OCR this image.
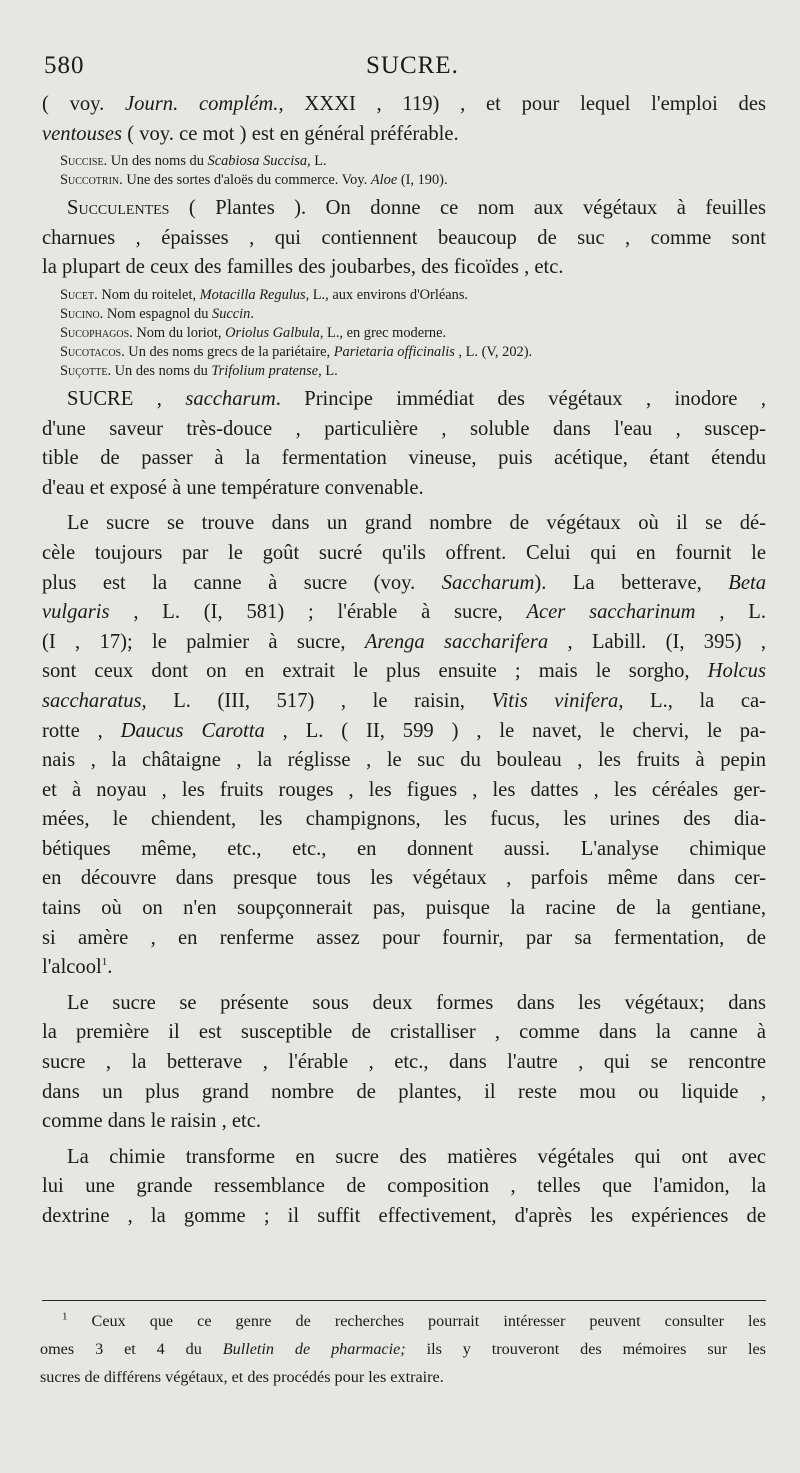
580	SUCRE.

( voy. Journ. complém., XXXI , 119) , et pour lequel l'emploi des

ventouses ( voy. ce mot ) est en général préférable.

Succise. Un des noms du Scabiosa Succisa, L.

Succotrin. Une des sortes d'aloës du commerce. Voy. Aloe (I, 190).

Succulentes ( Plantes ). On donne ce nom aux végétaux à feuilles

charnues , épaisses , qui contiennent beaucoup de suc , comme sont

la plupart de ceux des familles des joubarbes, des ficoïdes , etc.

Sucet. Nom du roitelet, Motacilla Regulus, L., aux environs d'Orléans.

Sucino. Nom espagnol du Succin.

Sucophagos. Nom du loriot, Oriolus Galbula, L., en grec moderne.

Sucotacos. Un des noms grecs de la pariétaire, Parietaria officinalis , L. (V, 202).

Suçotte. Un des noms du Trifolium pratense, L.

SUCRE , saccharum. Principe immédiat des végétaux , inodore ,

d'une saveur très-douce , particulière , soluble dans l'eau , suscep-

tible de passer à la fermentation vineuse, puis acétique, étant étendu

d'eau et exposé à une température convenable.

Le sucre se trouve dans un grand nombre de végétaux où il se dé-

cèle toujours par le goût sucré qu'ils offrent. Celui qui en fournit le

plus est la canne à sucre (voy. Saccharum). La betterave, Beta

vulgaris , L. (I, 581) ; l'érable à sucre, Acer saccharinum , L.

(I , 17); le palmier à sucre, Arenga saccharifera , Labill. (I, 395) ,

sont ceux dont on en extrait le plus ensuite ; mais le sorgho, Holcus

saccharatus, L. (III, 517) , le raisin, Vitis vinifera, L., la ca-

rotte , Daucus Carotta , L. ( II, 599 ) , le navet, le chervi, le pa-

nais , la châtaigne , la réglisse , le suc du bouleau , les fruits à pepin

et à noyau , les fruits rouges , les figues , les dattes , les céréales ger-

mées, le chiendent, les champignons, les fucus, les urines des dia-

bétiques même, etc., etc., en donnent aussi. L'analyse chimique

en découvre dans presque tous les végétaux , parfois même dans cer-

tains où on n'en soupçonnerait pas, puisque la racine de la gentiane,

si amère , en renferme assez pour fournir, par sa fermentation, de

l'alcool$^1$.

Le sucre se présente sous deux formes dans les végétaux; dans

la première il est susceptible de cristalliser , comme dans la canne à

sucre , la betterave , l'érable , etc., dans l'autre , qui se rencontre

dans un plus grand nombre de plantes, il reste mou ou liquide ,

comme dans le raisin , etc.

La chimie transforme en sucre des matières végétales qui ont avec

lui une grande ressemblance de composition , telles que l'amidon, la

dextrine , la gomme ; il suffit effectivement, d'après les expériences de

$^1$ Ceux que ce genre de recherches pourrait intéresser peuvent consulter les
omes 3 et 4 du Bulletin de pharmacie; ils y trouveront des mémoires sur les
sucres de différens végétaux, et des procédés pour les extraire.
